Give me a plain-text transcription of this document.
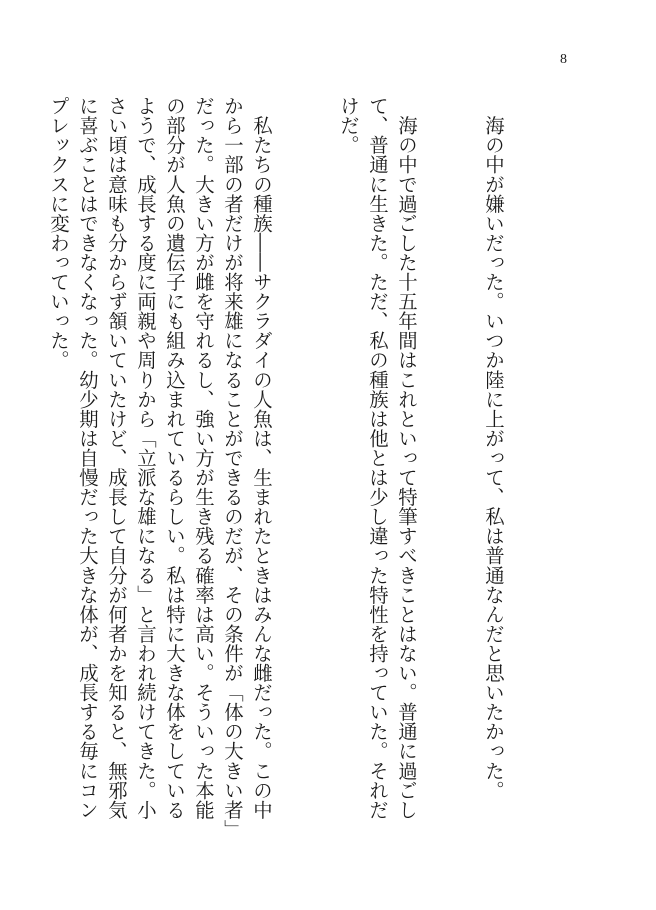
8

　海の中が嫌いだった。いつか陸に上がって、私は普通なんだと思いたかった。

　海の中で過ごした十五年間はこれといって特筆すべきことはない。普通に過ごして、普通に生きた。ただ、私の種族は他とは少し違った特性を持っていた。それだけだ。

　私たちの種族――サクラダイの人魚は、生まれたときはみんな雌だった。この中から一部の者だけが将来雄になることができるのだが、その条件が「体の大きい者」だった。大きい方が雌を守れるし、強い方が生き残る確率は高い。そういった本能の部分が人魚の遺伝子にも組み込まれているらしい。私は特に大きな体をしているようで、成長する度に両親や周りから「立派な雄になる」と言われ続けてきた。小さい頃は意味も分からず頷いていたけど、成長して自分が何者かを知ると、無邪気に喜ぶことはできなくなった。幼少期は自慢だった大きな体が、成長する毎にコンプレックスに変わっていった。
